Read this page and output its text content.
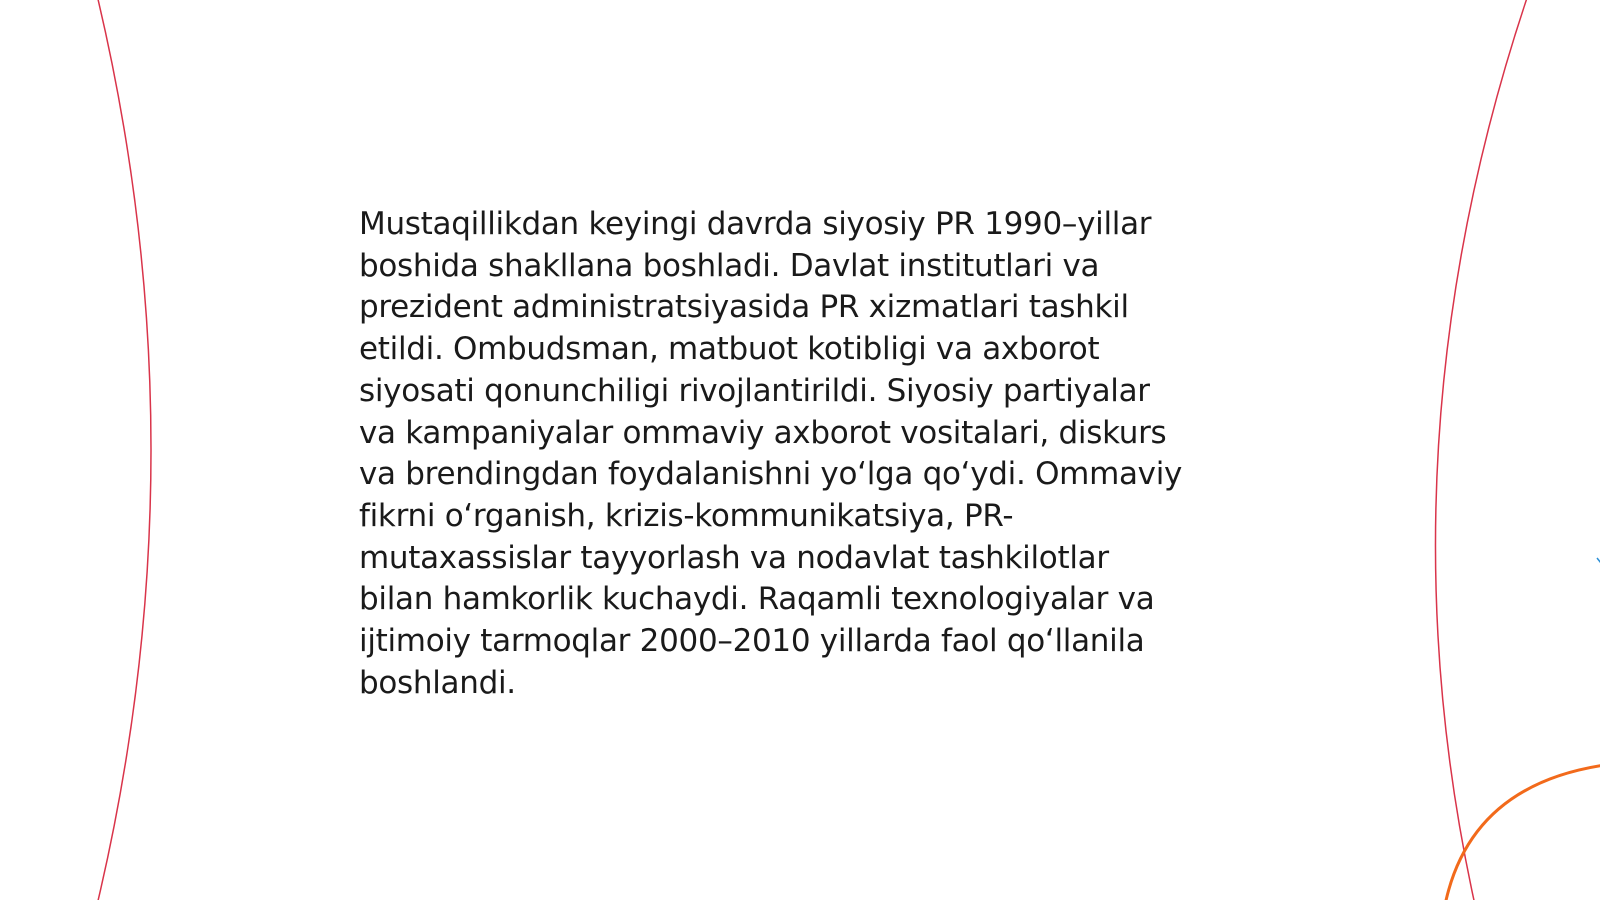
Mustaqillikdan keyingi davrda siyosiy PR 1990–yillar
boshida shakllana boshladi. Davlat institutlari va
prezident administratsiyasida PR xizmatlari tashkil
etildi. Ombudsman, matbuot kotibligi va axborot
siyosati qonunchiligi rivojlantirildi. Siyosiy partiyalar
va kampaniyalar ommaviy axborot vositalari, diskurs
va brendingdan foydalanishni yoʻlga qoʻydi. Ommaviy
fikrni oʻrganish, krizis-kommunikatsiya, PR-
mutaxassislar tayyorlash va nodavlat tashkilotlar
bilan hamkorlik kuchaydi. Raqamli texnologiyalar va
ijtimoiy tarmoqlar 2000–2010 yillarda faol qoʻllanila
boshlandi.
